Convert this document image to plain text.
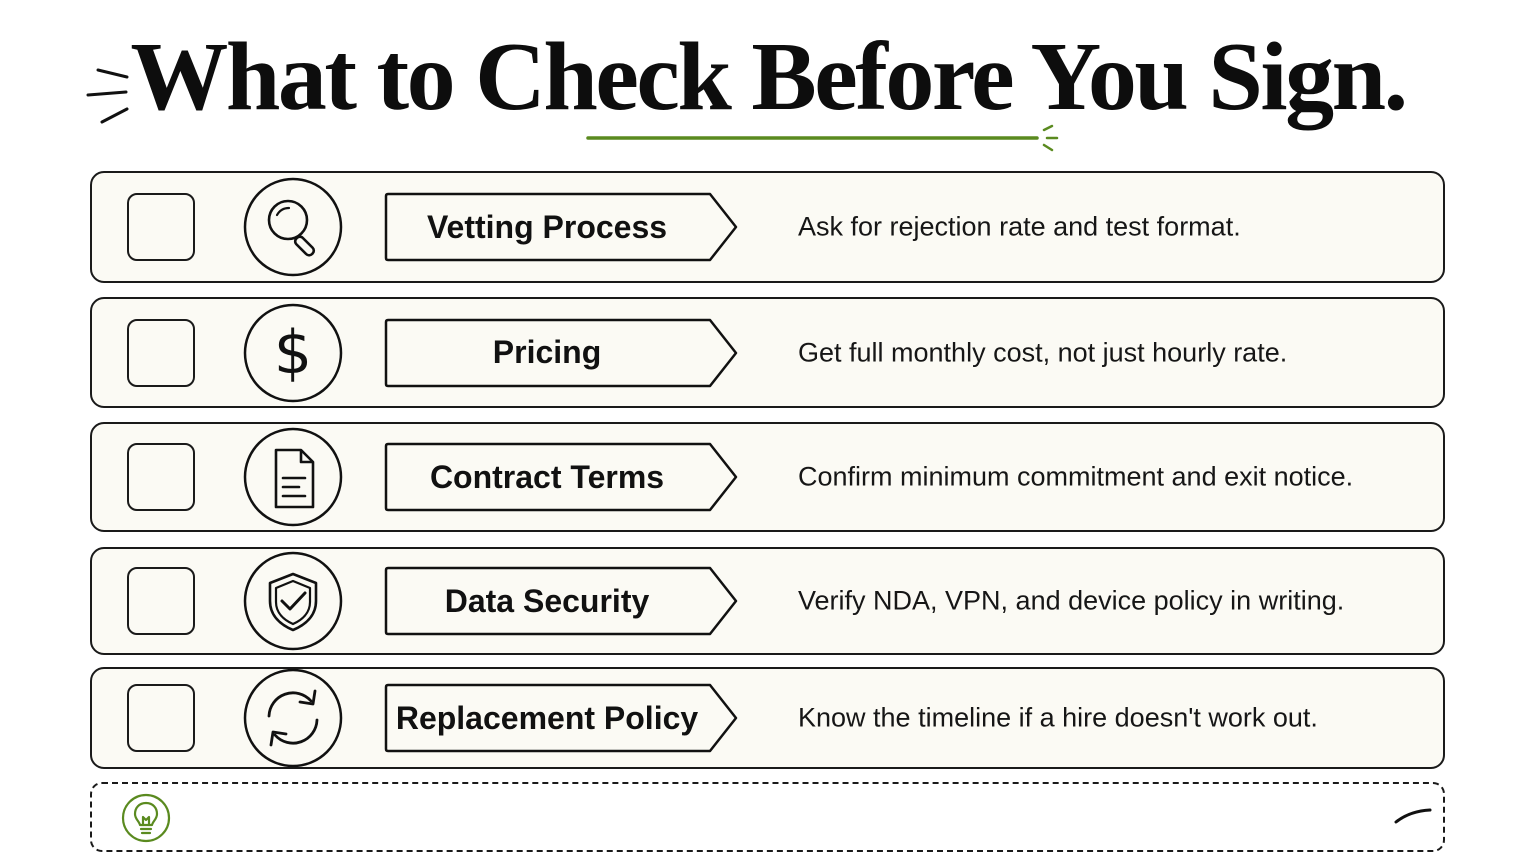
What to Check Before You Sign.
Vetting Process	Ask for rejection rate and test format.
$	Pricing	Get full monthly cost, not just hourly rate.
Contract Terms	Confirm minimum commitment and exit notice.
Data Security	Verify NDA, VPN, and device policy in writing.
Replacement Policy	Know the timeline if a hire doesn't work out.
